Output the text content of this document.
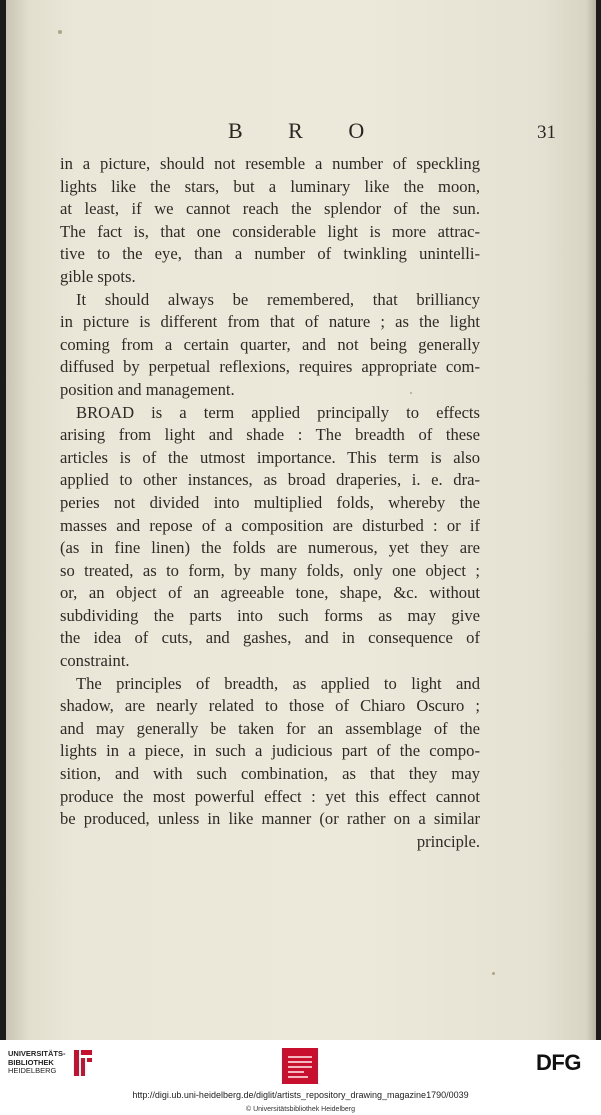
B R O	31
in a picture, should not resemble a number of speckling
lights like the stars, but a luminary like the moon,
at least, if we cannot reach the splendor of the sun.
The fact is, that one considerable light is more attrac-
tive to the eye, than a number of twinkling unintelli-
gible spots.
It should always be remembered, that brilliancy
in picture is different from that of nature ; as the light
coming from a certain quarter, and not being generally
diffused by perpetual reflexions, requires appropriate com-
position and management.
BROAD is a term applied principally to effects
arising from light and shade : The breadth of these
articles is of the utmost importance. This term is also
applied to other instances, as broad draperies, i. e. dra-
peries not divided into multiplied folds, whereby the
masses and repose of a composition are disturbed : or if
(as in fine linen) the folds are numerous, yet they are
so treated, as to form, by many folds, only one object ;
or, an object of an agreeable tone, shape, &c. without
subdividing the parts into such forms as may give
the idea of cuts, and gashes, and in consequence of
constraint.
The principles of breadth, as applied to light and
shadow, are nearly related to those of Chiaro Oscuro ;
and may generally be taken for an assemblage of the
lights in a piece, in such a judicious part of the compo-
sition, and with such combination, as that they may
produce the most powerful effect : yet this effect cannot
be produced, unless in like manner (or rather on a similar
principle.
UNIVERSITÄTS-
BIBLIOTHEK
HEIDELBERG	DFG
http://digi.ub.uni-heidelberg.de/diglit/artists_repository_drawing_magazine1790/0039
© Universitätsbibliothek Heidelberg
